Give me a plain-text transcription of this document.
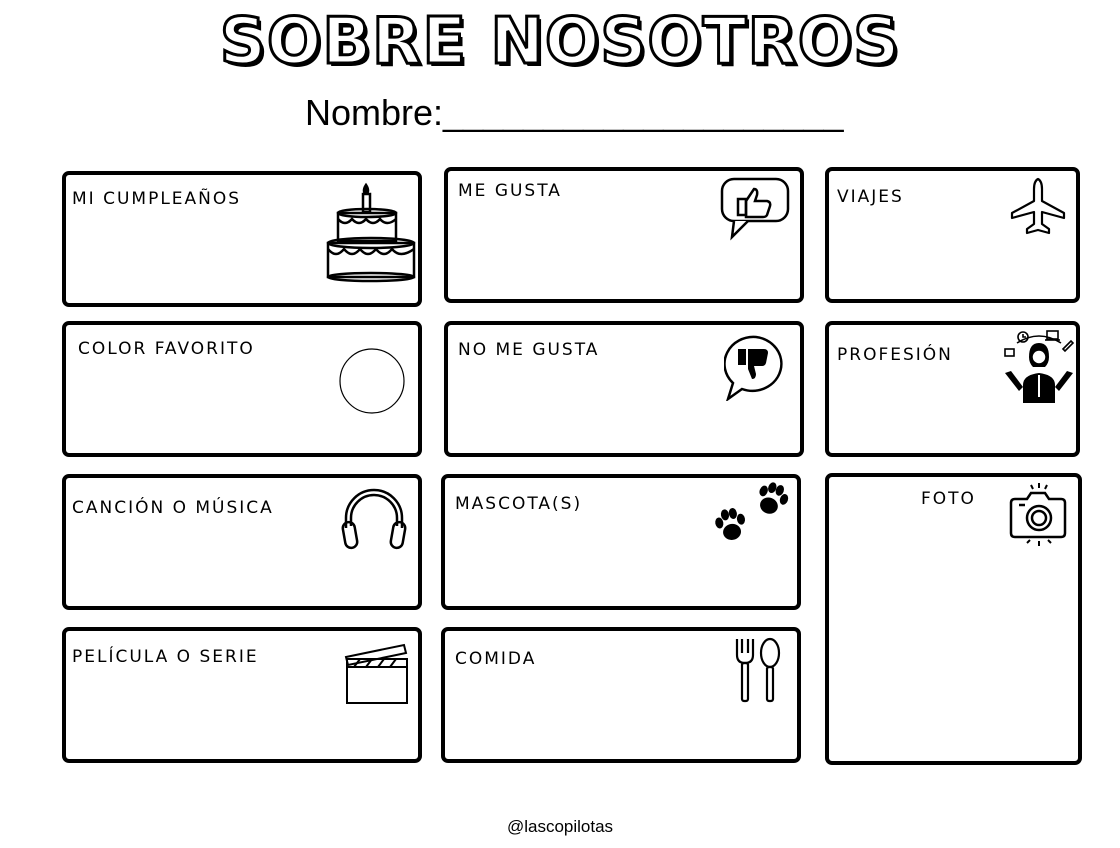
SOBRE NOSOTROS
Nombre:____________________
MI CUMPLEAÑOS	ME GUSTA	VIAJES
COLOR FAVORITO	NO ME GUSTA	PROFESIÓN
CANCIÓN O MÚSICA	MASCOTA(S)	FOTO
PELÍCULA O SERIE	COMIDA
@lascopilotas
